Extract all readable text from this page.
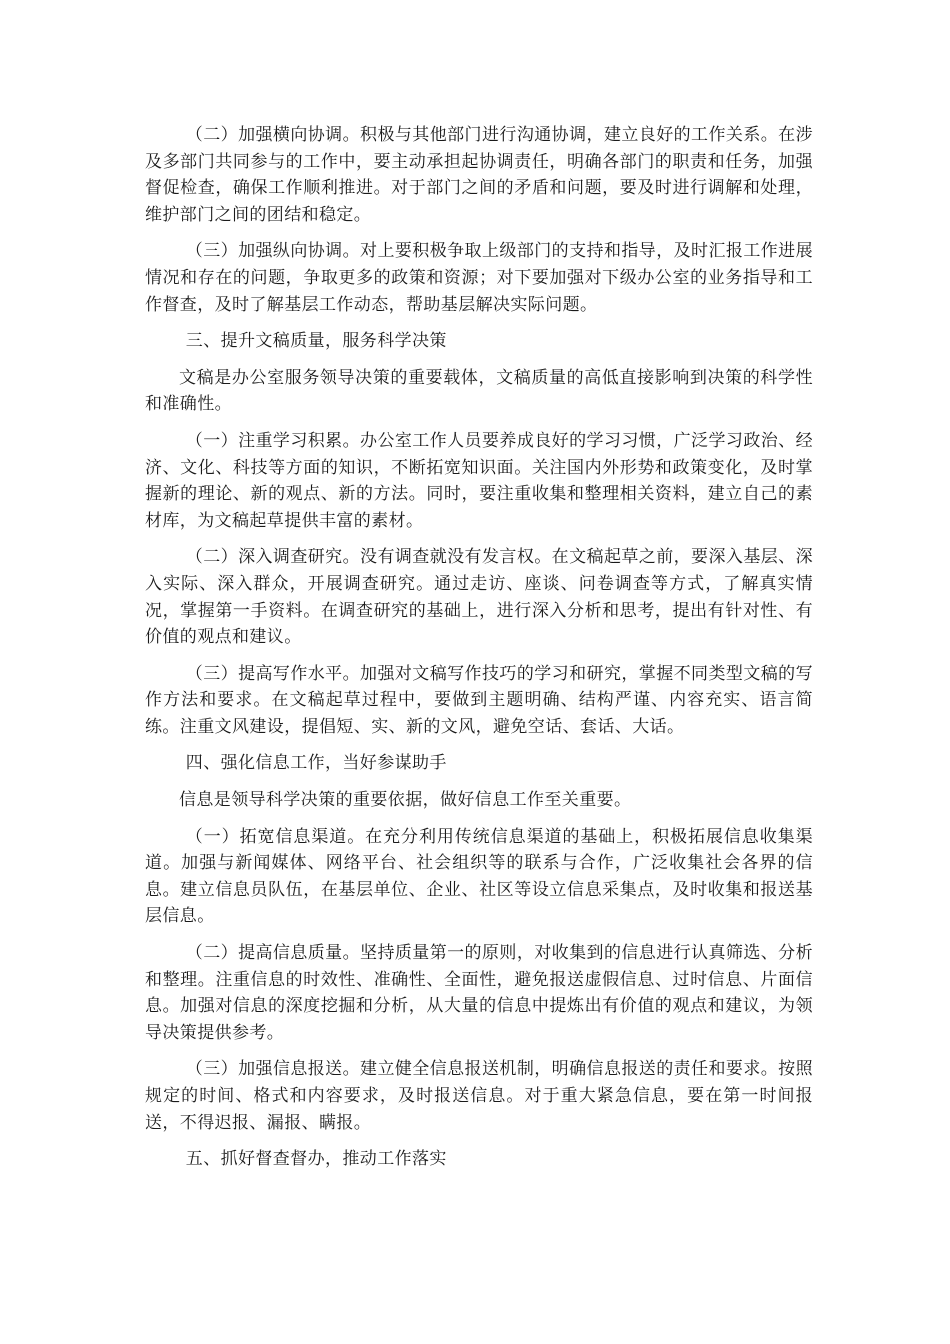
（二）加强横向协调。积极与其他部门进行沟通协调，建立良好的工作关系。在涉及多部门共同参与的工作中，要主动承担起协调责任，明确各部门的职责和任务，加强督促检查，确保工作顺利推进。对于部门之间的矛盾和问题，要及时进行调解和处理，维护部门之间的团结和稳定。

（三）加强纵向协调。对上要积极争取上级部门的支持和指导，及时汇报工作进展情况和存在的问题，争取更多的政策和资源；对下要加强对下级办公室的业务指导和工作督查，及时了解基层工作动态，帮助基层解决实际问题。

三、提升文稿质量，服务科学决策

文稿是办公室服务领导决策的重要载体，文稿质量的高低直接影响到决策的科学性和准确性。

（一）注重学习积累。办公室工作人员要养成良好的学习习惯，广泛学习政治、经济、文化、科技等方面的知识，不断拓宽知识面。关注国内外形势和政策变化，及时掌握新的理论、新的观点、新的方法。同时，要注重收集和整理相关资料，建立自己的素材库，为文稿起草提供丰富的素材。

（二）深入调查研究。没有调查就没有发言权。在文稿起草之前，要深入基层、深入实际、深入群众，开展调查研究。通过走访、座谈、问卷调查等方式，了解真实情况，掌握第一手资料。在调查研究的基础上，进行深入分析和思考，提出有针对性、有价值的观点和建议。

（三）提高写作水平。加强对文稿写作技巧的学习和研究，掌握不同类型文稿的写作方法和要求。在文稿起草过程中，要做到主题明确、结构严谨、内容充实、语言简练。注重文风建设，提倡短、实、新的文风，避免空话、套话、大话。

四、强化信息工作，当好参谋助手

信息是领导科学决策的重要依据，做好信息工作至关重要。

（一）拓宽信息渠道。在充分利用传统信息渠道的基础上，积极拓展信息收集渠道。加强与新闻媒体、网络平台、社会组织等的联系与合作，广泛收集社会各界的信息。建立信息员队伍，在基层单位、企业、社区等设立信息采集点，及时收集和报送基层信息。

（二）提高信息质量。坚持质量第一的原则，对收集到的信息进行认真筛选、分析和整理。注重信息的时效性、准确性、全面性，避免报送虚假信息、过时信息、片面信息。加强对信息的深度挖掘和分析，从大量的信息中提炼出有价值的观点和建议，为领导决策提供参考。

（三）加强信息报送。建立健全信息报送机制，明确信息报送的责任和要求。按照规定的时间、格式和内容要求，及时报送信息。对于重大紧急信息，要在第一时间报送，不得迟报、漏报、瞒报。

五、抓好督查督办，推动工作落实
